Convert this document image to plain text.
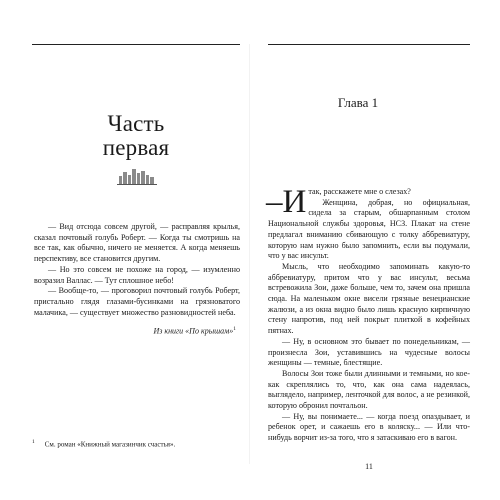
Часть
первая

— Вид отсюда совсем другой, — расправляя крылья, сказал почтовый голубь Роберт. — Когда ты смотришь на все так, как обычно, ничего не меняется. А когда меняешь перспективу, все становится другим.

— Но это совсем не похоже на город, — изумленно возразил Валлас. — Тут сплошное небо!

— Вообще-то, — проговорил почтовый голубь Роберт, пристально глядя глазами-бусинками на грязноватого малачика, — существует множество разновидностей неба.

Из книги «По крышам»$^1$
$^1$ См. роман «Книжный магазинчик счастья».
Глава 1

–И так, расскажете мне о слезах?

Женщина, добрая, но официальная, сидела за старым, обшарпанным столом Национальной службы здоровья, НСЗ. Плакат на стене предлагал вниманию сбивающую с толку аббревиатуру, которую нам нужно было запомнить, если вы подумали, что у вас инсульт.

Мысль, что необходимо запоминать какую-то аббревиатуру, притом что у вас инсульт, весьма встревожила Зои, даже больше, чем то, зачем она пришла сюда. На маленьком окне висели грязные венецианские жалюзи, а из окна видно было лишь красную кирпичную стену напротив, под ней покрыт плиткой в кофейных пятнах.

— Ну, в основном это бывает по понедельникам, — произнесла Зои, уставившись на чудесные волосы женщины — темные, блестящие.

Волосы Зои тоже были длинными и темными, но кое-как скреплялись то, что, как она сама надеялась, выглядело, например, ленточкой для волос, а не резинкой, которую обронил почтальон.

— Ну, вы понимаете... — когда поезд опаздывает, и ребенок орет, и сажаешь его в коляску... — Или что-нибудь ворчит из-за того, что я затаскиваю его в вагон.

11
